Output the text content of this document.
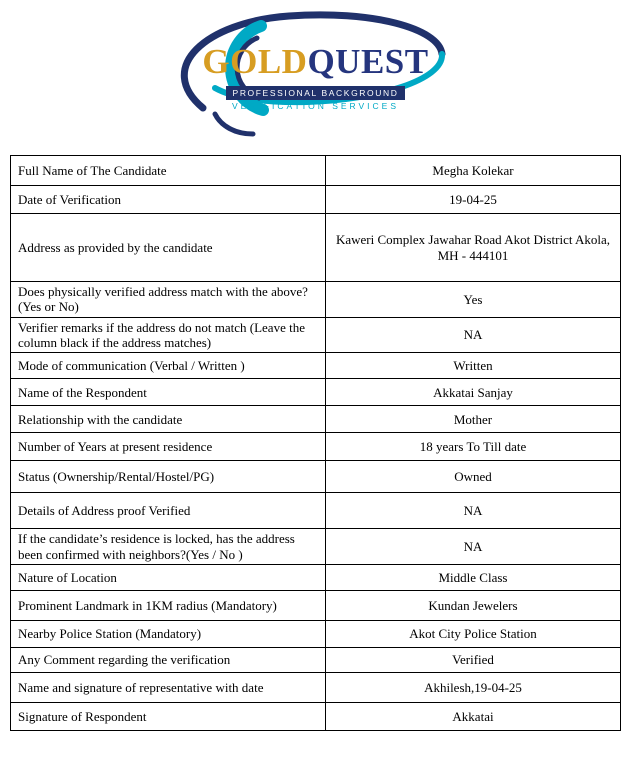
GOLDQUEST
PROFESSIONAL BACKGROUND
VERIFICATION SERVICES
Full Name of The Candidate	Megha Kolekar
Date of Verification	19-04-25
Address as provided by the candidate	Kaweri Complex Jawahar Road Akot District Akola, MH - 444101
Does physically verified address match with the above? (Yes or No)	Yes
Verifier remarks if the address do not match (Leave the column black if the address matches)	NA
Mode of communication (Verbal / Written )	Written
Name of the Respondent	Akkatai Sanjay
Relationship with the candidate	Mother
Number of Years at present residence	18 years To Till date
Status (Ownership/Rental/Hostel/PG)	Owned
Details of Address proof Verified	NA
If the candidate’s residence is locked, has the address been confirmed with neighbors?(Yes / No )	NA
Nature of Location	Middle Class
Prominent Landmark in 1KM radius (Mandatory)	Kundan Jewelers
Nearby Police Station (Mandatory)	Akot City Police Station
Any Comment regarding the verification	Verified
Name and signature of representative with date	Akhilesh,19-04-25
Signature of Respondent	Akkatai
